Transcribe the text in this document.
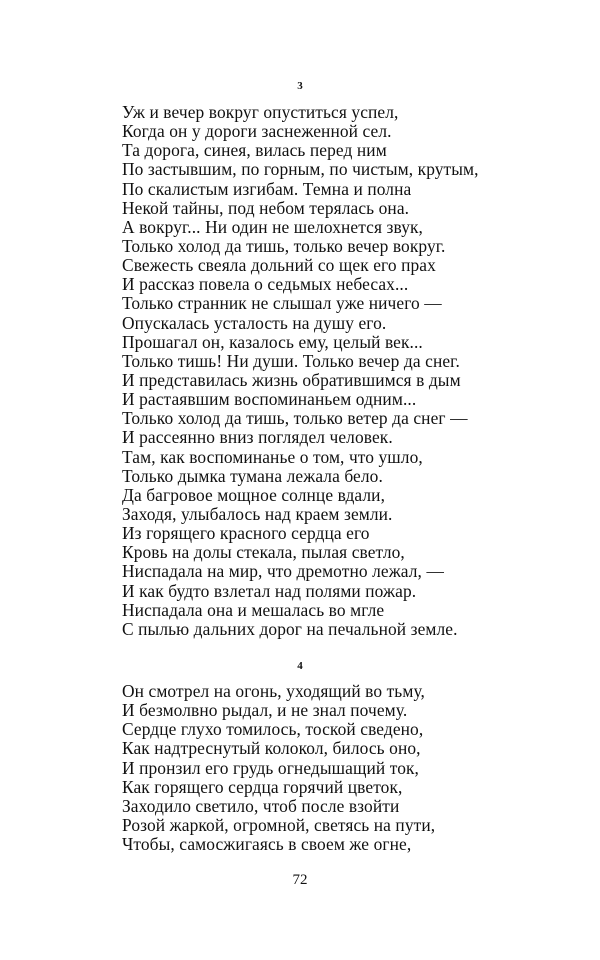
3
Уж и вечер вокруг опуститься успел,
Когда он у дороги заснеженной сел.
Та дорога, синея, вилась перед ним
По застывшим, по горным, по чистым, крутым,
По скалистым изгибам. Темна и полна
Некой тайны, под небом терялась она.
А вокруг... Ни один не шелохнется звук,
Только холод да тишь, только вечер вокруг.
Свежесть свеяла дольний со щек его прах
И рассказ повела о седьмых небесах...
Только странник не слышал уже ничего —
Опускалась усталость на душу его.
Прошагал он, казалось ему, целый век...
Только тишь! Ни души. Только вечер да снег.
И представилась жизнь обратившимся в дым
И растаявшим воспоминаньем одним...
Только холод да тишь, только ветер да снег —
И рассеянно вниз поглядел человек.
Там, как воспоминанье о том, что ушло,
Только дымка тумана лежала бело.
Да багровое мощное солнце вдали,
Заходя, улыбалось над краем земли.
Из горящего красного сердца его
Кровь на долы стекала, пылая светло,
Ниспадала на мир, что дремотно лежал, —
И как будто взлетал над полями пожар.
Ниспадала она и мешалась во мгле
С пылью дальних дорог на печальной земле.
4
Он смотрел на огонь, уходящий во тьму,
И безмолвно рыдал, и не знал почему.
Сердце глухо томилось, тоской сведено,
Как надтреснутый колокол, билось оно,
И пронзил его грудь огнедышащий ток,
Как горящего сердца горячий цветок,
Заходило светило, чтоб после взойти
Розой жаркой, огромной, светясь на пути,
Чтобы, самосжигаясь в своем же огне,
72
